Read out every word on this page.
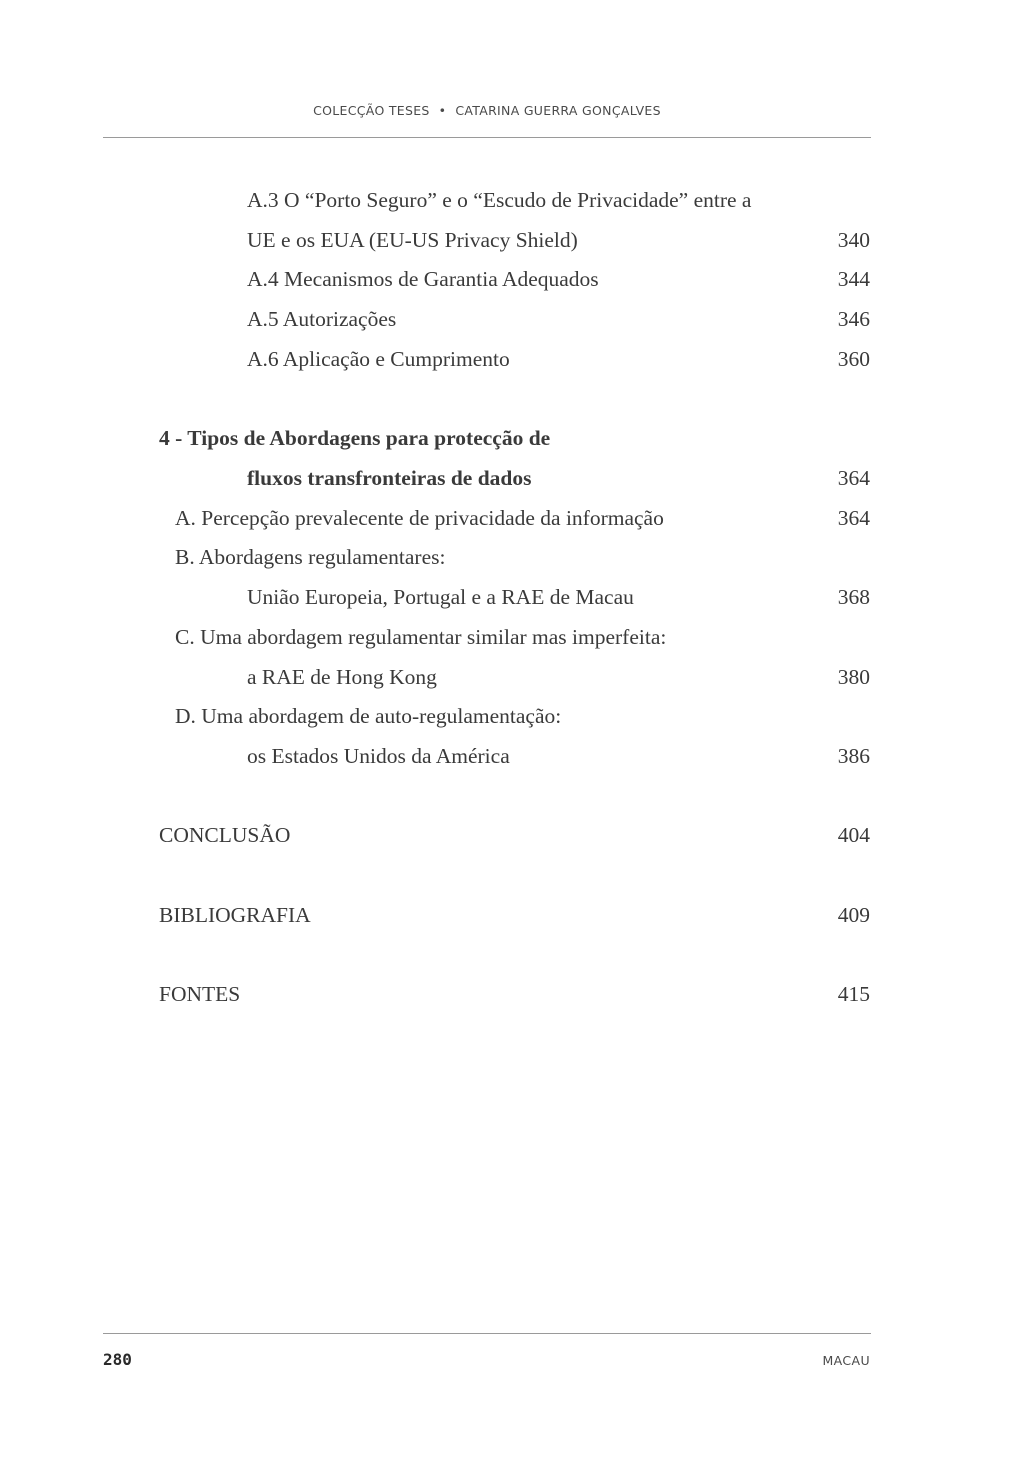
COLECÇÃO TESES • CATARINA GUERRA GONÇALVES
A.3 O “Porto Seguro” e o “Escudo de Privacidade” entre a
UE e os EUA (EU-US Privacy Shield)	340
A.4 Mecanismos de Garantia Adequados	344
A.5 Autorizações	346
A.6 Aplicação e Cumprimento	360
4 - Tipos de Abordagens para protecção de
fluxos transfronteiras de dados	364
A. Percepção prevalecente de privacidade da informação	364
B. Abordagens regulamentares:
União Europeia, Portugal e a RAE de Macau	368
C. Uma abordagem regulamentar similar mas imperfeita:
a RAE de Hong Kong	380
D. Uma abordagem de auto-regulamentação:
os Estados Unidos da América	386
CONCLUSÃO	404
BIBLIOGRAFIA	409
FONTES	415
280	MACAU
